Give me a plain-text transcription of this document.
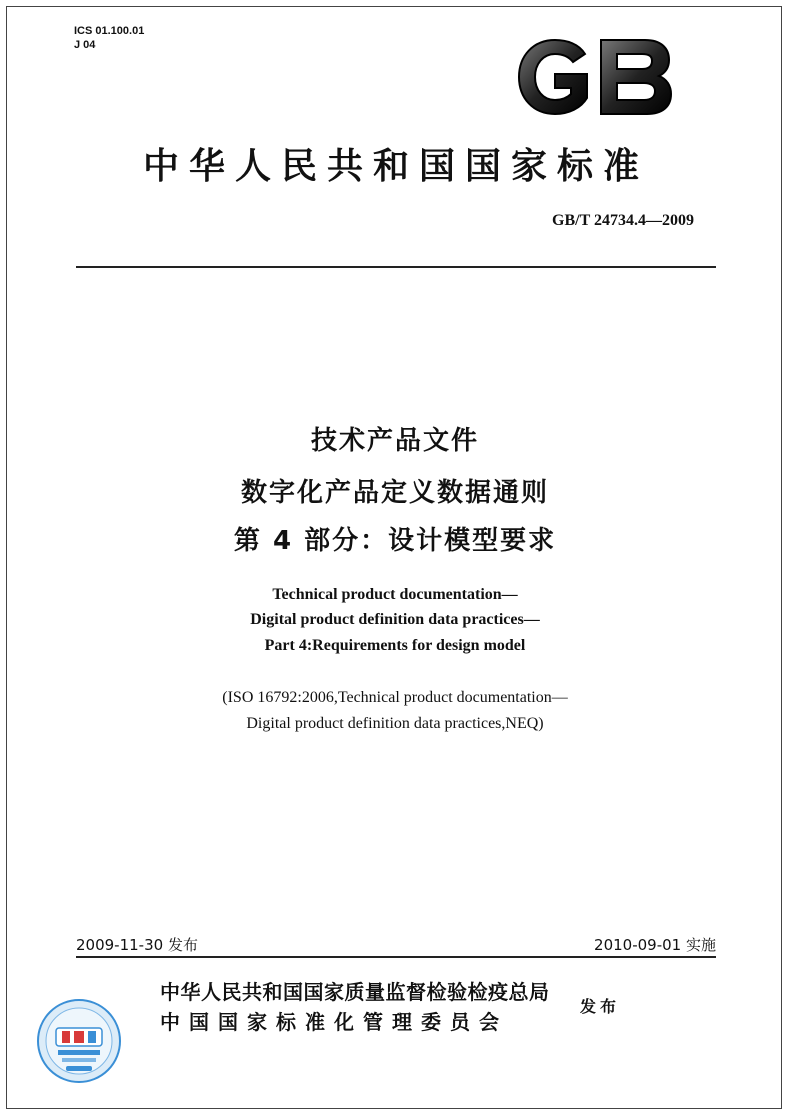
ICS 01.100.01
J 04
中华人民共和国国家标准
GB/T 24734.4—2009
技术产品文件
数字化产品定义数据通则
第 4 部分：设计模型要求
Technical product documentation—
Digital product definition data practices—
Part 4:Requirements for design model
(ISO 16792:2006,Technical product documentation—
Digital product definition data practices,NEQ)
2009-11-30 发布	2010-09-01 实施
中华人民共和国国家质量监督检验检疫总局
中国国家标准化管理委员会
发布
